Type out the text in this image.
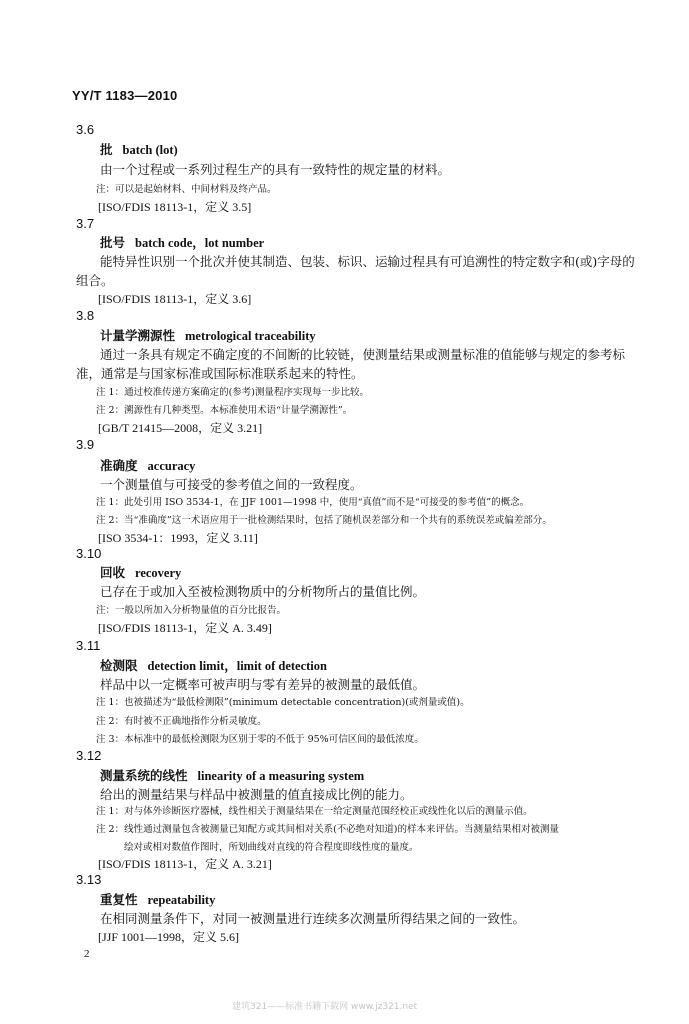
YY/T 1183—2010
3.6
批 batch (lot)
由一个过程或一系列过程生产的具有一致特性的规定量的材料。
注：可以是起始材料、中间材料及终产品。
[ISO/FDIS 18113-1，定义 3.5]
3.7
批号 batch code，lot number
能特异性识别一个批次并使其制造、包装、标识、运输过程具有可追溯性的特定数字和(或)字母的
组合。
[ISO/FDIS 18113-1，定义 3.6]
3.8
计量学溯源性 metrological traceability
通过一条具有规定不确定度的不间断的比较链，使测量结果或测量标准的值能够与规定的参考标
准，通常是与国家标准或国际标准联系起来的特性。
注 1：通过校准传递方案确定的(参考)测量程序实现每一步比较。
注 2：溯源性有几种类型。本标准使用术语“计量学溯源性”。
[GB/T 21415—2008，定义 3.21]
3.9
准确度 accuracy
一个测量值与可接受的参考值之间的一致程度。
注 1：此处引用 ISO 3534-1，在 JJF 1001—1998 中，使用“真值”而不是“可接受的参考值”的概念。
注 2：当“准确度”这一术语应用于一批检测结果时，包括了随机误差部分和一个共有的系统误差或偏差部分。
[ISO 3534-1：1993，定义 3.11]
3.10
回收 recovery
已存在于或加入至被检测物质中的分析物所占的量值比例。
注：一般以所加入分析物量值的百分比报告。
[ISO/FDIS 18113-1，定义 A. 3.49]
3.11
检测限 detection limit，limit of detection
样品中以一定概率可被声明与零有差异的被测量的最低值。
注 1：也被描述为“最低检测限”(minimum detectable concentration)(或剂量或值)。
注 2：有时被不正确地指作分析灵敏度。
注 3：本标准中的最低检测限为区别于零的不低于 95%可信区间的最低浓度。
3.12
测量系统的线性 linearity of a measuring system
给出的测量结果与样品中被测量的值直接成比例的能力。
注 1：对与体外诊断医疗器械，线性相关于测量结果在一给定测量范围经校正或线性化以后的测量示值。
注 2：线性通过测量包含被测量已知配方或其间相对关系(不必绝对知道)的样本来评估。当测量结果相对被测量
绘对或相对数值作图时，所划曲线对直线的符合程度即线性度的量度。
[ISO/FDIS 18113-1，定义 A. 3.21]
3.13
重复性 repeatability
在相同测量条件下，对同一被测量进行连续多次测量所得结果之间的一致性。
[JJF 1001—1998，定义 5.6]
2
建筑321——标准书籍下载网 www.jz321.net
